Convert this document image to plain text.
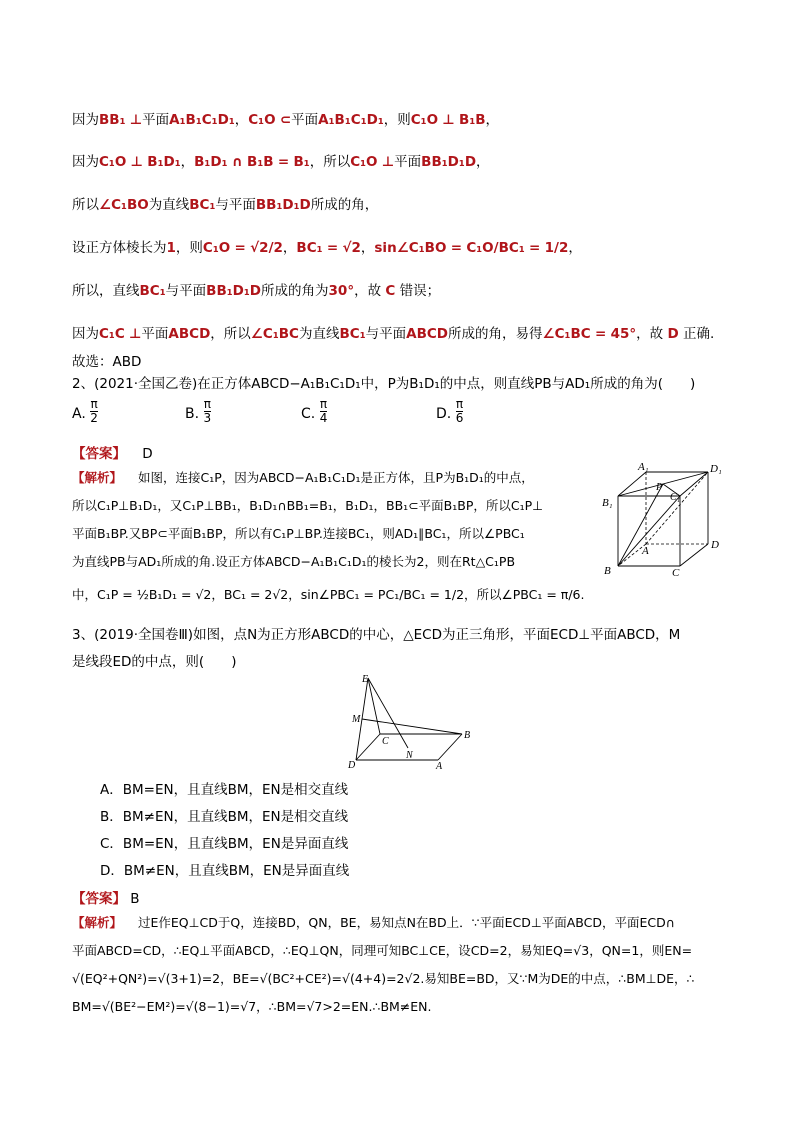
因为BB₁ ⊥平面A₁B₁C₁D₁，C₁O ⊂平面A₁B₁C₁D₁，则C₁O ⊥ B₁B，
因为C₁O ⊥ B₁D₁，B₁D₁ ∩ B₁B = B₁，所以C₁O ⊥平面BB₁D₁D，
所以∠C₁BO为直线BC₁与平面BB₁D₁D所成的角，
设正方体棱长为1，则C₁O = √2/2，BC₁ = √2，sin∠C₁BO = C₁O/BC₁ = 1/2，
所以，直线BC₁与平面BB₁D₁D所成的角为30°，故 C 错误；
因为C₁C ⊥平面ABCD，所以∠C₁BC为直线BC₁与平面ABCD所成的角，易得∠C₁BC = 45°，故 D 正确.
故选：ABD
2、(2021·全国乙卷)在正方体ABCD−A₁B₁C₁D₁中，P为B₁D₁的中点，则直线PB与AD₁所成的角为(　　)
A. $\frac{\pi}{2}$	B. $\frac{\pi}{3}$	C. $\frac{\pi}{4}$	D. $\frac{\pi}{6}$
【答案】 D
【解析】 如图，连接C₁P，因为ABCD−A₁B₁C₁D₁是正方体，且P为B₁D₁的中点，
所以C₁P⊥B₁D₁，又C₁P⊥BB₁，B₁D₁∩BB₁=B₁，B₁D₁，BB₁⊂平面B₁BP，所以C₁P⊥
平面B₁BP.又BP⊂平面B₁BP，所以有C₁P⊥BP.连接BC₁，则AD₁∥BC₁，所以∠PBC₁
为直线PB与AD₁所成的角.设正方体ABCD−A₁B₁C₁D₁的棱长为2，则在Rt△C₁PB
中，C₁P = ½B₁D₁ = √2，BC₁ = 2√2，sin∠PBC₁ = PC₁/BC₁ = 1/2，所以∠PBC₁ = π/6.
A₁	D₁
P
C₁
B₁
A	D
B	C
3、(2019·全国卷Ⅲ)如图，点N为正方形ABCD的中心，△ECD为正三角形，平面ECD⊥平面ABCD，M
是线段ED的中点，则(　　)
E
M
C
N
B
D	A
A．BM=EN，且直线BM，EN是相交直线
B．BM≠EN，且直线BM，EN是相交直线
C．BM=EN，且直线BM，EN是异面直线
D．BM≠EN，且直线BM，EN是异面直线
【答案】 B
【解析】 过E作EQ⊥CD于Q，连接BD，QN，BE，易知点N在BD上．∵平面ECD⊥平面ABCD，平面ECD∩
平面ABCD=CD，∴EQ⊥平面ABCD，∴EQ⊥QN，同理可知BC⊥CE，设CD=2，易知EQ=√3，QN=1，则EN=
√(EQ²+QN²)=√(3+1)=2，BE=√(BC²+CE²)=√(4+4)=2√2.易知BE=BD，又∵M为DE的中点，∴BM⊥DE，∴
BM=√(BE²−EM²)=√(8−1)=√7，∴BM=√7>2=EN.∴BM≠EN.
